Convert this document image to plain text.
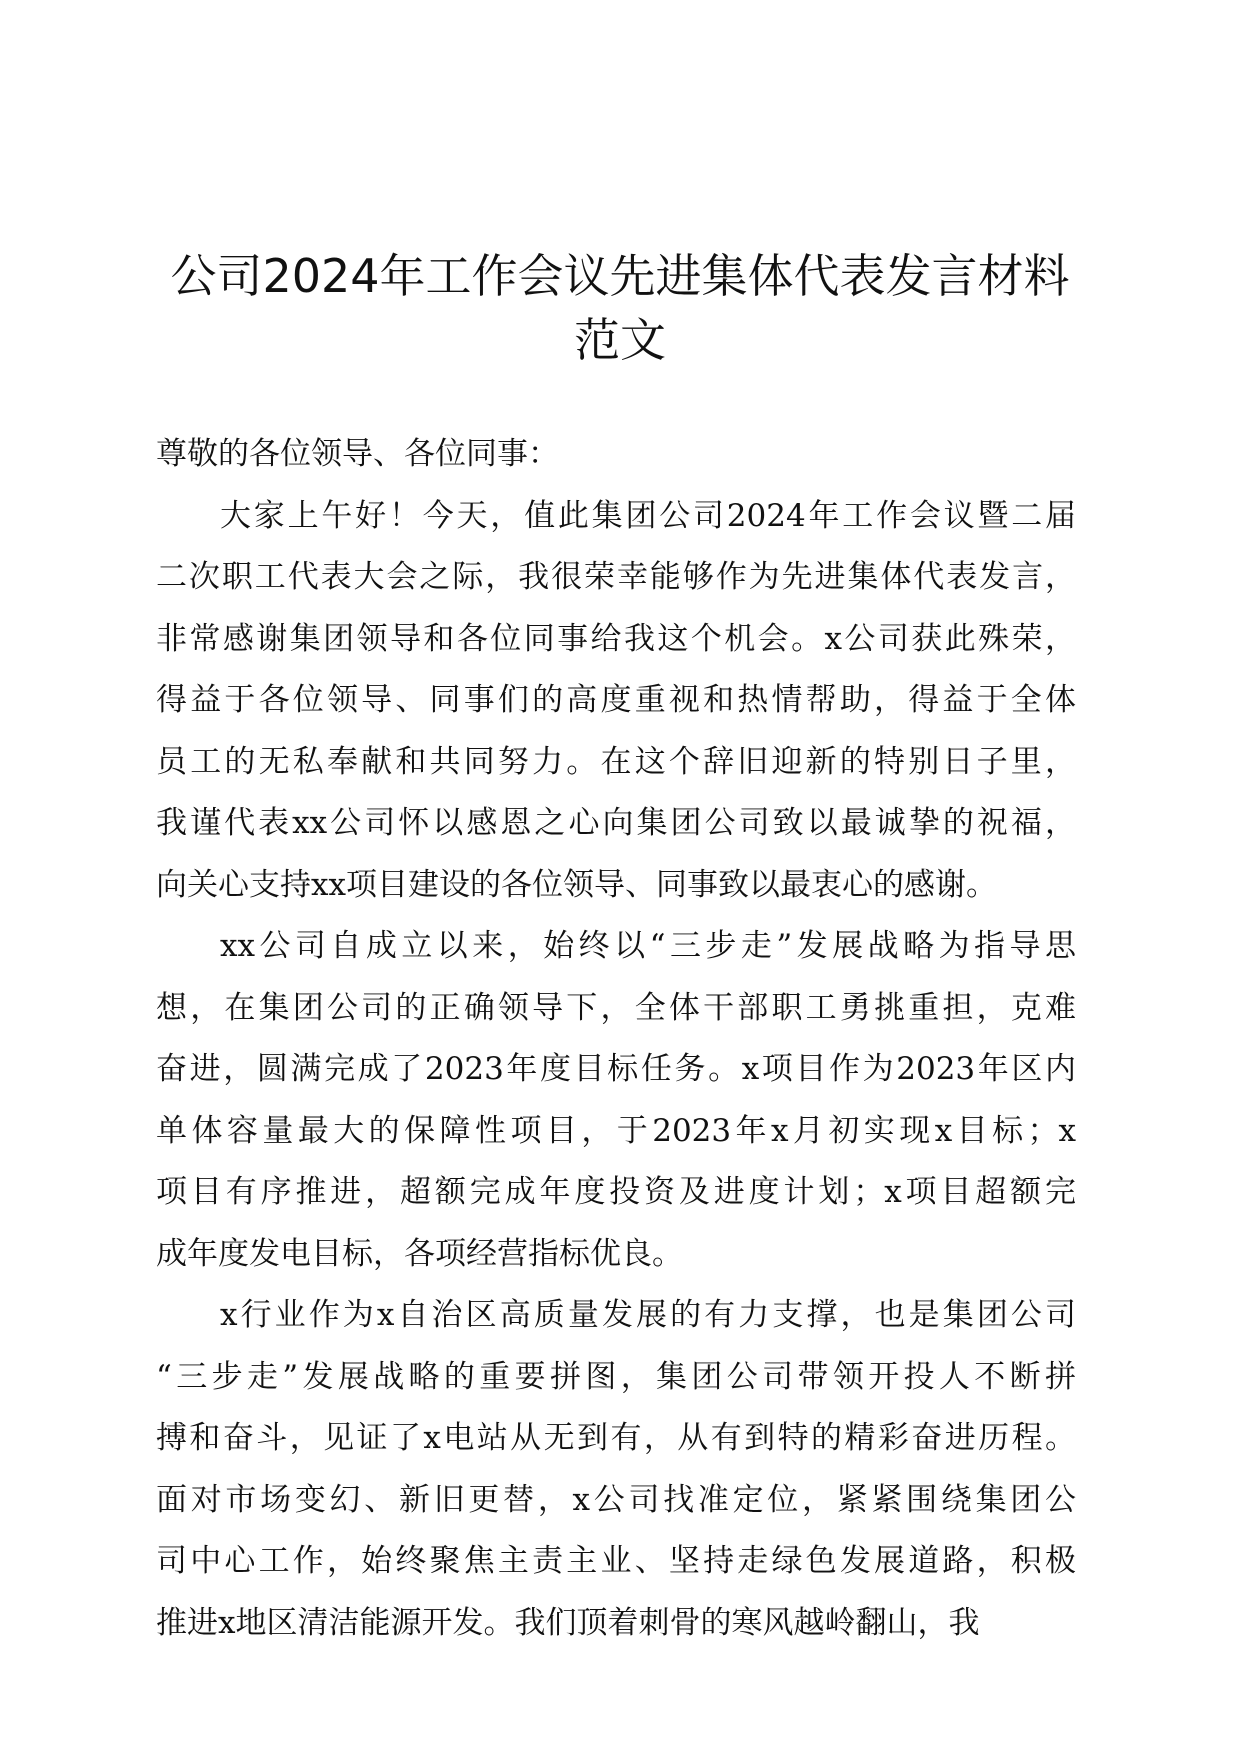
公司2024年工作会议先进集体代表发言材料
范文
尊敬的各位领导、各位同事：
大家上午好！今天，值此集团公司2024年工作会议暨二届
二次职工代表大会之际，我很荣幸能够作为先进集体代表发言，
非常感谢集团领导和各位同事给我这个机会。x公司获此殊荣，
得益于各位领导、同事们的高度重视和热情帮助，得益于全体
员工的无私奉献和共同努力。在这个辞旧迎新的特别日子里，
我谨代表xx公司怀以感恩之心向集团公司致以最诚挚的祝福，
向关心支持xx项目建设的各位领导、同事致以最衷心的感谢。
xx公司自成立以来，始终以“三步走”发展战略为指导思
想，在集团公司的正确领导下，全体干部职工勇挑重担，克难
奋进，圆满完成了2023年度目标任务。x项目作为2023年区内
单体容量最大的保障性项目，于2023年x月初实现x目标；x
项目有序推进，超额完成年度投资及进度计划；x项目超额完
成年度发电目标，各项经营指标优良。
x行业作为x自治区高质量发展的有力支撑，也是集团公司
“三步走”发展战略的重要拼图，集团公司带领开投人不断拼
搏和奋斗，见证了x电站从无到有，从有到特的精彩奋进历程。
面对市场变幻、新旧更替，x公司找准定位，紧紧围绕集团公
司中心工作，始终聚焦主责主业、坚持走绿色发展道路，积极
推进x地区清洁能源开发。我们顶着刺骨的寒风越岭翻山，我
